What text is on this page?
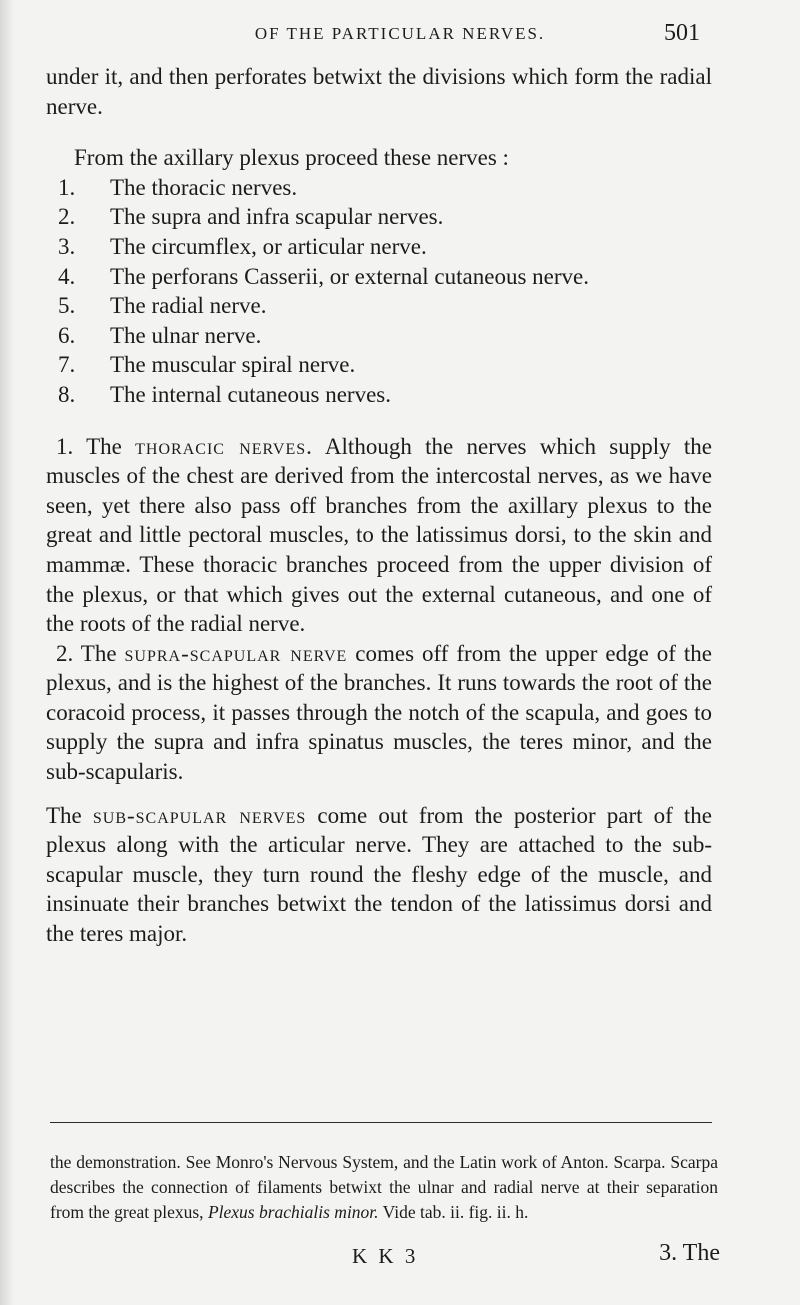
OF THE PARTICULAR NERVES.	501

under it, and then perforates betwixt the divisions which form the radial nerve.

From the axillary plexus proceed these nerves :

1. The thoracic nerves.
2. The supra and infra scapular nerves.
3. The circumflex, or articular nerve.
4. The perforans Casserii, or external cutaneous nerve.
5. The radial nerve.
6. The ulnar nerve.
7. The muscular spiral nerve.
8. The internal cutaneous nerves.

1. The thoracic nerves. Although the nerves which supply the muscles of the chest are derived from the intercostal nerves, as we have seen, yet there also pass off branches from the axillary plexus to the great and little pectoral muscles, to the latissimus dorsi, to the skin and mammæ. These thoracic branches proceed from the upper division of the plexus, or that which gives out the external cutaneous, and one of the roots of the radial nerve.

2. The supra-scapular nerve comes off from the upper edge of the plexus, and is the highest of the branches. It runs towards the root of the coracoid process, it passes through the notch of the scapula, and goes to supply the supra and infra spinatus muscles, the teres minor, and the sub-scapularis.

The sub-scapular nerves come out from the posterior part of the plexus along with the articular nerve. They are attached to the sub-scapular muscle, they turn round the fleshy edge of the muscle, and insinuate their branches betwixt the tendon of the latissimus dorsi and the teres major.

the demonstration. See Monro's Nervous System, and the Latin work of Anton. Scarpa. Scarpa describes the connection of filaments betwixt the ulnar and radial nerve at their separation from the great plexus, Plexus brachialis minor. Vide tab. ii. fig. ii. h.

K K 3	3. The
